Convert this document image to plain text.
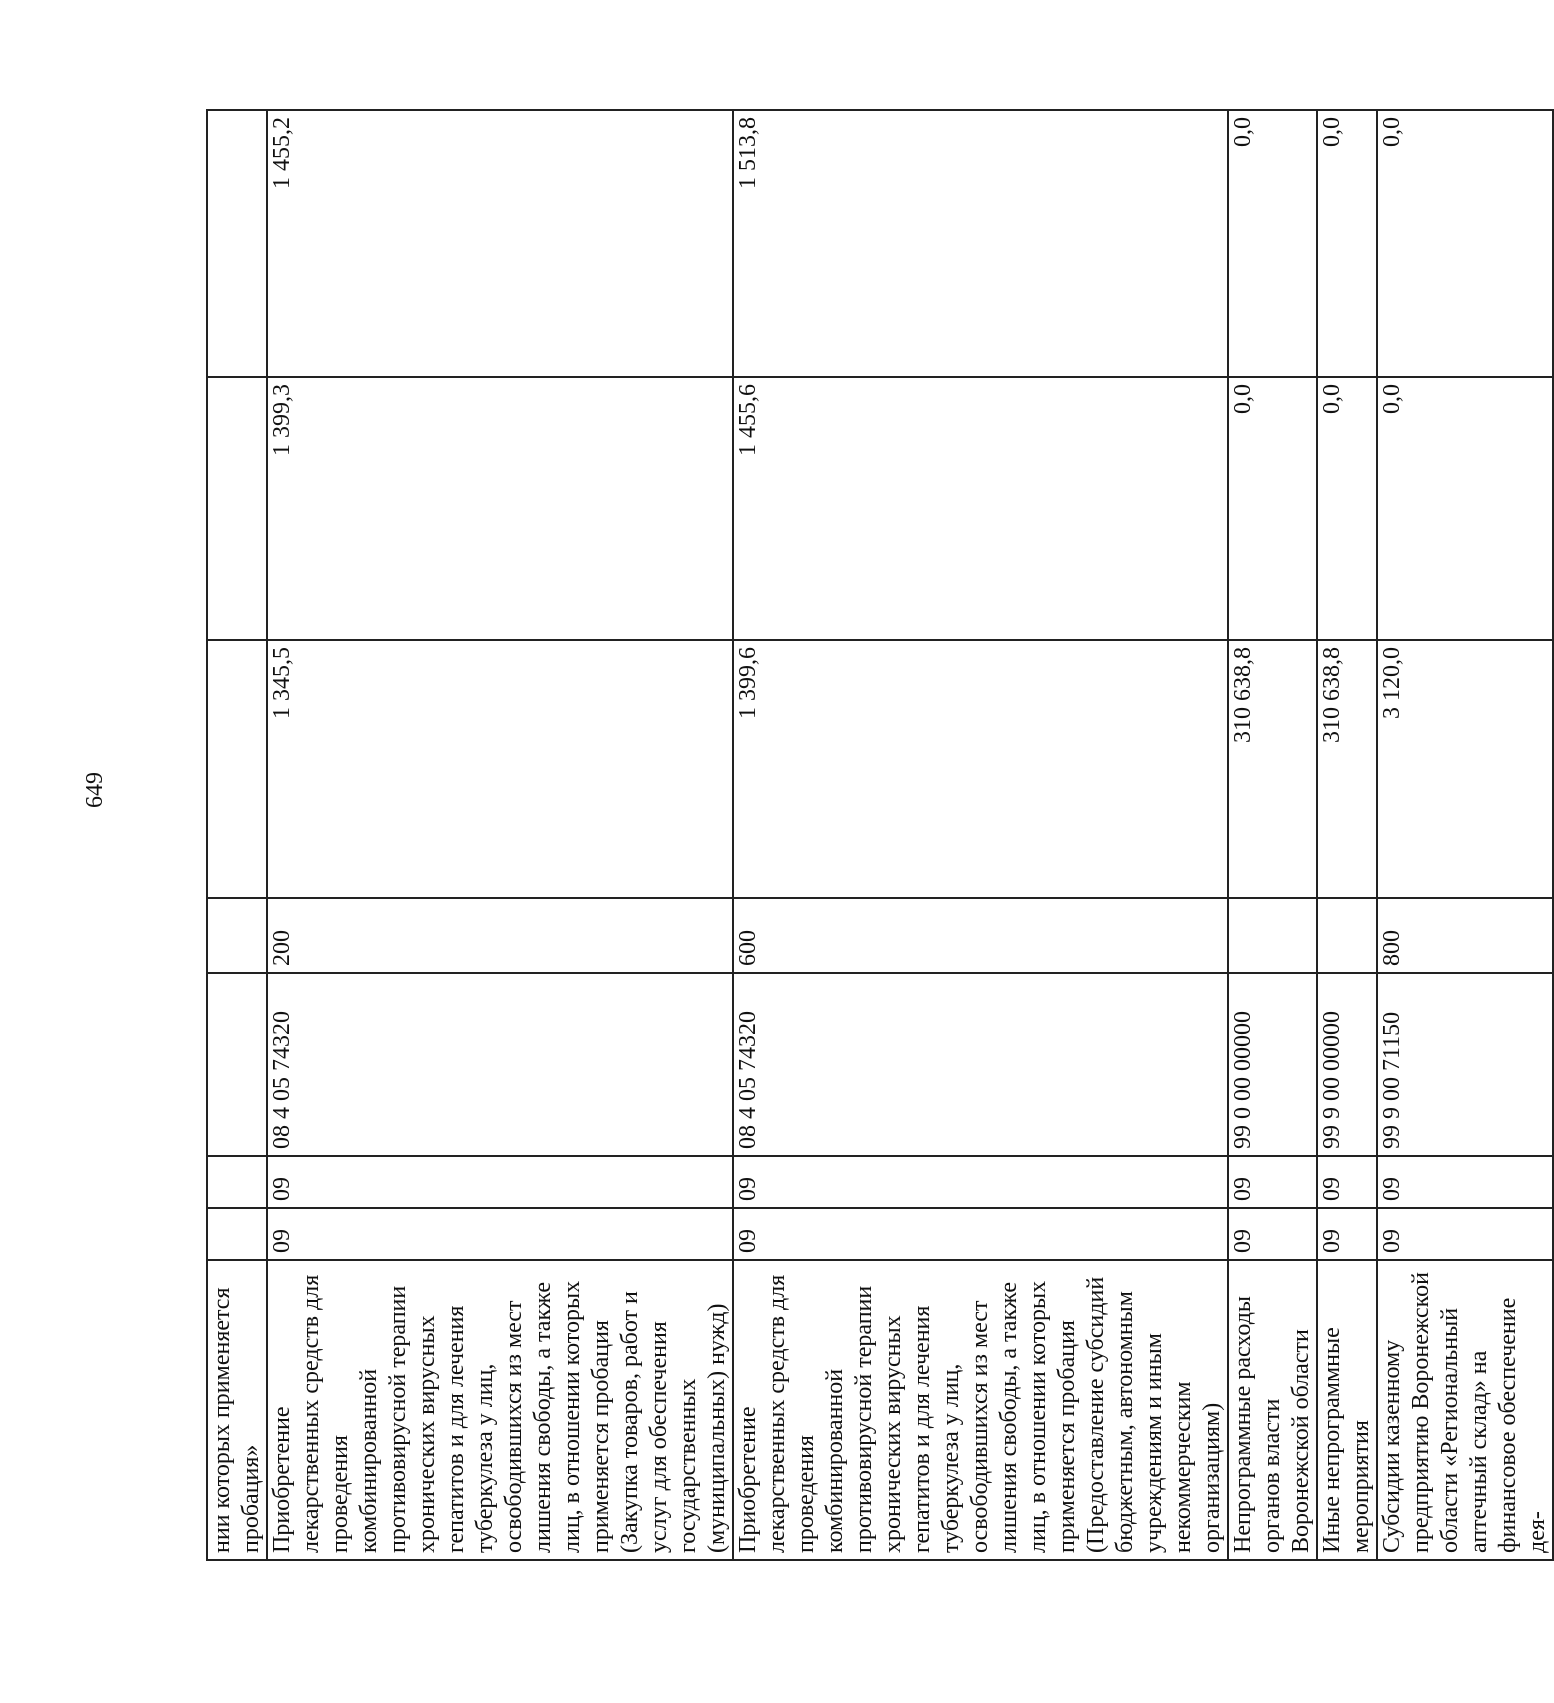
649
нии которых применяется пробация»							
Приобретение лекарственных средств для проведения комбинированной противовирусной терапии хронических вирусных гепатитов и для лечения туберкулеза у лиц, освободившихся из мест лишения свободы, а также лиц, в отношении которых применяется пробация (Закупка товаров, работ и услуг для обеспечения государственных (муниципальных) нужд)	09	09	08 4 05 74320	200	1 345,5	1 399,3	1 455,2
Приобретение лекарственных средств для проведения комбинированной противовирусной терапии хронических вирусных гепатитов и для лечения туберкулеза у лиц, освободившихся из мест лишения свободы, а также лиц, в отношении которых применяется пробация (Предоставление субсидий бюджетным, автономным учреждениям и иным некоммерческим организациям)	09	09	08 4 05 74320	600	1 399,6	1 455,6	1 513,8
Непрограммные расходы органов власти Воронежской области	09	09	99 0 00 00000		310 638,8	0,0	0,0
Иные непрограммные мероприятия	09	09	99 9 00 00000		310 638,8	0,0	0,0
Субсидии казенному предприятию Воронежской области «Региональный аптечный склад» на финансовое обеспечение дея-	09	09	99 9 00 71150	800	3 120,0	0,0	0,0
